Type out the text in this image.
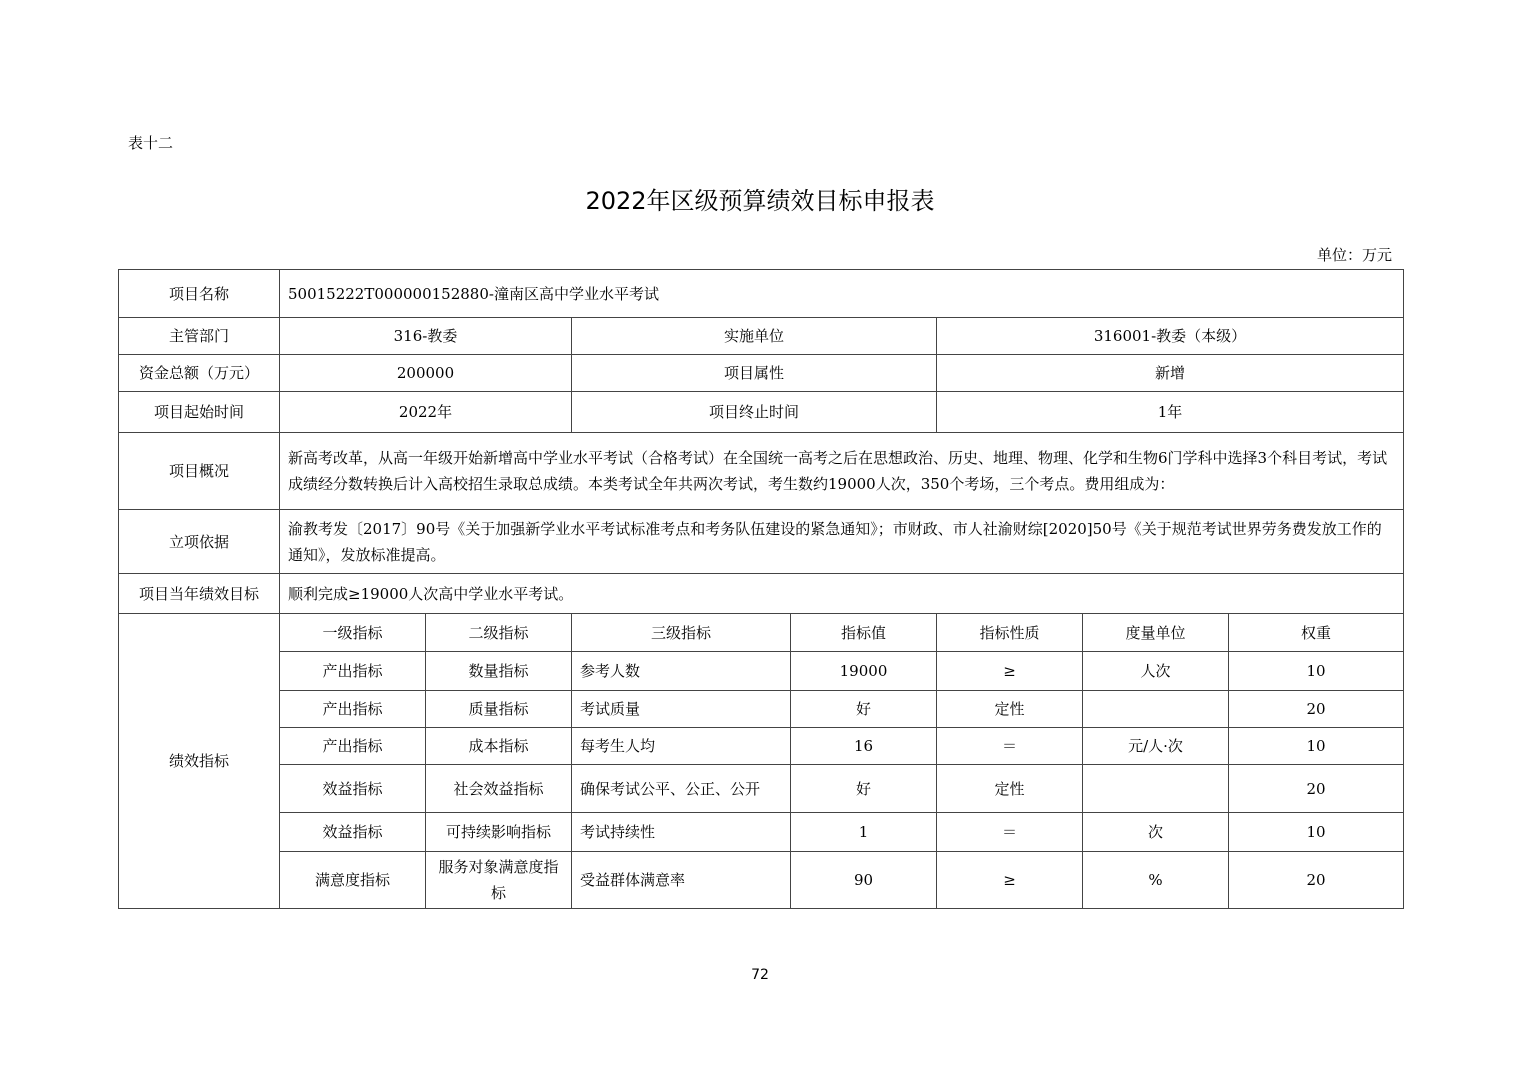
表十二
2022年区级预算绩效目标申报表
单位：万元
项目名称	50015222T000000152880-潼南区高中学业水平考试						
主管部门	316-教委		实施单位		316001-教委（本级）		
资金总额（万元）	200000		项目属性		新增		
项目起始时间	2022年		项目终止时间		1年		
项目概况	新高考改革，从高一年级开始新增高中学业水平考试（合格考试）在全国统一高考之后在思想政治、历史、地理、物理、化学和生物6门学科中选择3个科目考试，考试成绩经分数转换后计入高校招生录取总成绩。本类考试全年共两次考试，考生数约19000人次，350个考场，三个考点。费用组成为：						
立项依据	渝教考发〔2017〕90号《关于加强新学业水平考试标准考点和考务队伍建设的紧急通知》；市财政、市人社渝财综[2020]50号《关于规范考试世界劳务费发放工作的通知》，发放标准提高。						
项目当年绩效目标	顺利完成≥19000人次高中学业水平考试。						
绩效指标	一级指标	二级指标	三级指标	指标值	指标性质	度量单位	权重
	产出指标	数量指标	参考人数	19000	≥	人次	10
	产出指标	质量指标	考试质量	好	定性		20
	产出指标	成本指标	每考生人均	16	＝	元/人·次	10
	效益指标	社会效益指标	确保考试公平、公正、公开	好	定性		20
	效益指标	可持续影响指标	考试持续性	1	＝	次	10
	满意度指标	服务对象满意度指标	受益群体满意率	90	≥	%	20
72
